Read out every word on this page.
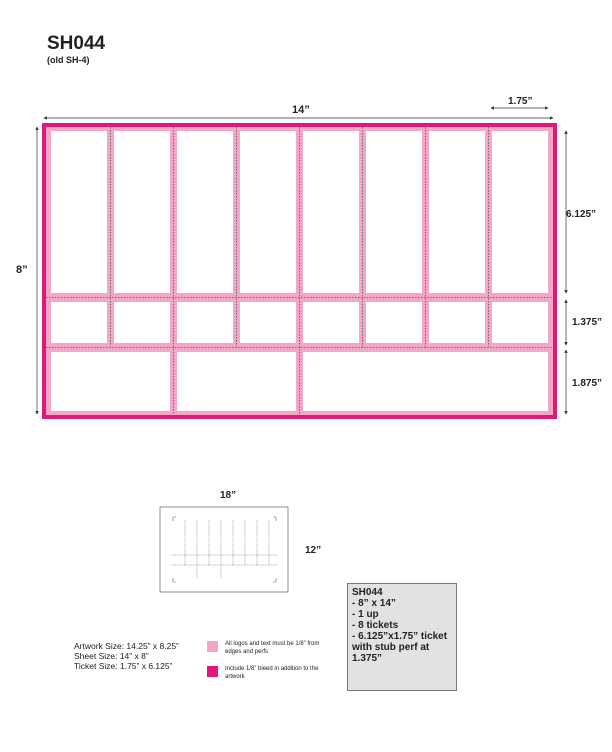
SH044
(old SH-4)
14”
1.75”
8”
6.125”
1.375”
1.875”
18”
12”
Artwork Size: 14.25” x 8.25”
Sheet Size: 14” x 8”
Ticket Size: 1.75” x 6.125”
All logos and text must be 1/8” from edges and perfs
Include 1/8” bleed in addition to the artwork
SH044
- 8” x 14”
- 1 up
- 8 tickets
- 6.125”x1.75” ticket with stub perf at 1.375”
